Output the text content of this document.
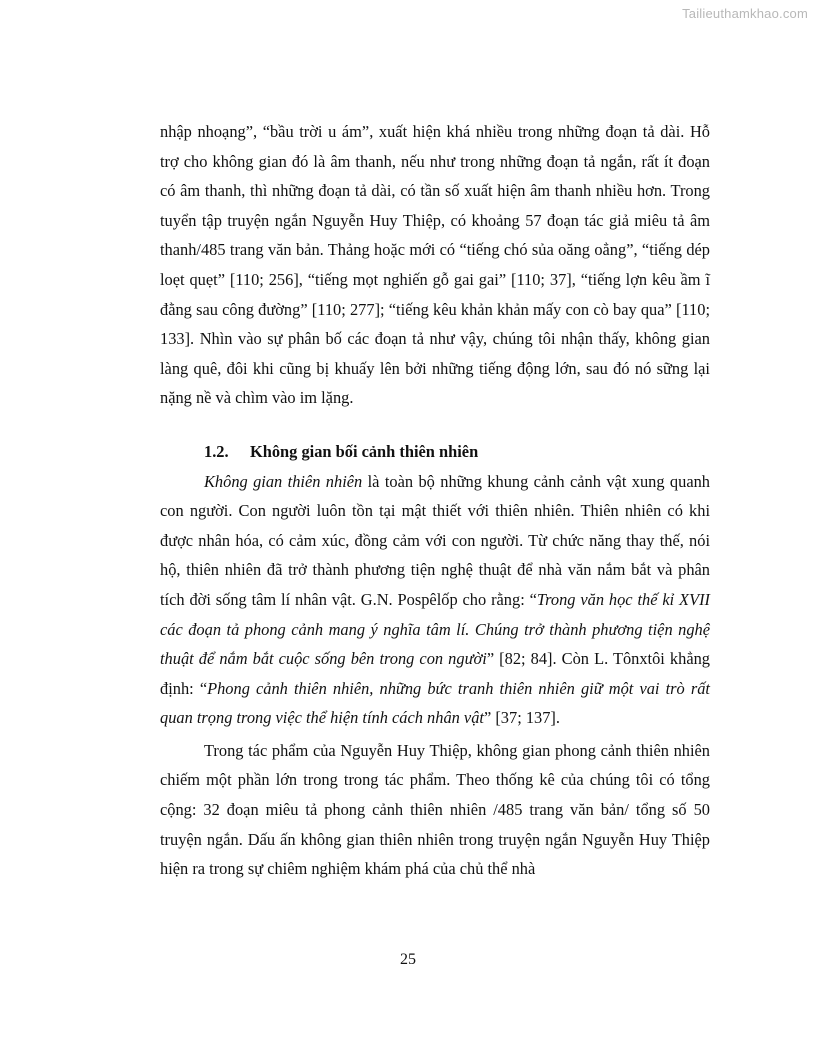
Tailieuthamkhao.com

nhập nhoạng”, “bầu trời u ám”, xuất hiện khá nhiều trong những đoạn tả dài. Hỗ trợ cho không gian đó là âm thanh, nếu như trong những đoạn tả ngắn, rất ít đoạn có âm thanh, thì những đoạn tả dài, có tần số xuất hiện âm thanh nhiều hơn. Trong tuyển tập truyện ngắn Nguyễn Huy Thiệp, có khoảng 57 đoạn tác giả miêu tả âm thanh/485 trang văn bản. Thảng hoặc mới có “tiếng chó sủa oăng oẳng”, “tiếng dép loẹt quẹt” [110; 256], “tiếng mọt nghiến gỗ gai gai” [110; 37], “tiếng lợn kêu ầm ĩ đằng sau công đường” [110; 277]; “tiếng kêu khản khản mấy con cò bay qua” [110; 133]. Nhìn vào sự phân bố các đoạn tả như vậy, chúng tôi nhận thấy, không gian làng quê, đôi khi cũng bị khuấy lên bởi những tiếng động lớn, sau đó nó sững lại nặng nề và chìm vào im lặng.

1.2. Không gian bối cảnh thiên nhiên

Không gian thiên nhiên là toàn bộ những khung cảnh cảnh vật xung quanh con người. Con người luôn tồn tại mật thiết với thiên nhiên. Thiên nhiên có khi được nhân hóa, có cảm xúc, đồng cảm với con người. Từ chức năng thay thế, nói hộ, thiên nhiên đã trở thành phương tiện nghệ thuật để nhà văn nắm bắt và phân tích đời sống tâm lí nhân vật. G.N. Pospêlốp cho rằng: “Trong văn học thế kỉ XVII các đoạn tả phong cảnh mang ý nghĩa tâm lí. Chúng trở thành phương tiện nghệ thuật để nắm bắt cuộc sống bên trong con người” [82; 84]. Còn L. Tônxtôi khẳng định: “Phong cảnh thiên nhiên, những bức tranh thiên nhiên giữ một vai trò rất quan trọng trong việc thể hiện tính cách nhân vật” [37; 137].

Trong tác phẩm của Nguyễn Huy Thiệp, không gian phong cảnh thiên nhiên chiếm một phần lớn trong trong tác phẩm. Theo thống kê của chúng tôi có tổng cộng: 32 đoạn miêu tả phong cảnh thiên nhiên /485 trang văn bản/ tổng số 50 truyện ngắn. Dấu ấn không gian thiên nhiên trong truyện ngắn Nguyễn Huy Thiệp hiện ra trong sự chiêm nghiệm khám phá của chủ thể nhà

25
